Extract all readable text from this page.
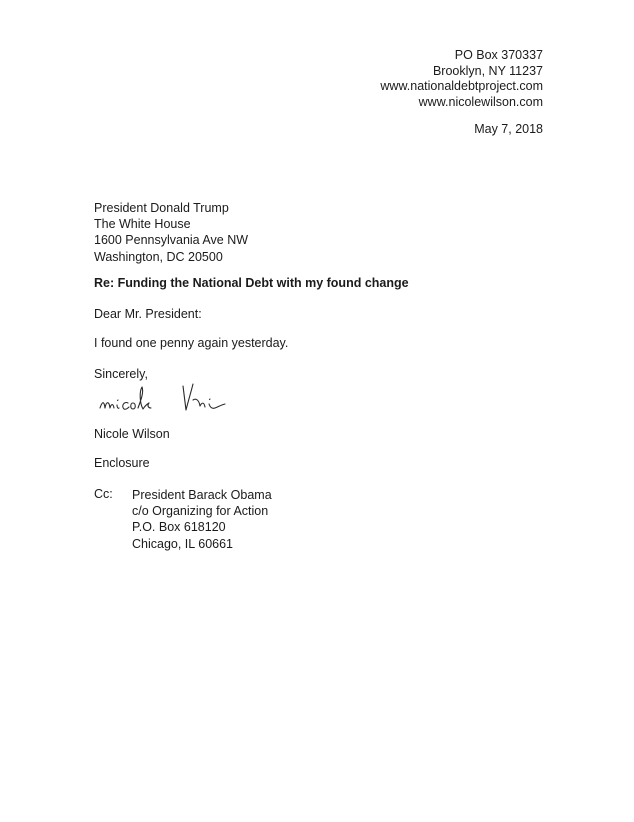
PO Box 370337
Brooklyn, NY 11237
www.nationaldebtproject.com
www.nicolewilson.com
May 7, 2018
President Donald Trump
The White House
1600 Pennsylvania Ave NW
Washington, DC 20500
Re: Funding the National Debt with my found change
Dear Mr. President:
I found one penny again yesterday.
Sincerely,
Nicole Wilson
Enclosure
Cc: President Barack Obama
c/o Organizing for Action
P.O. Box 618120
Chicago, IL 60661
